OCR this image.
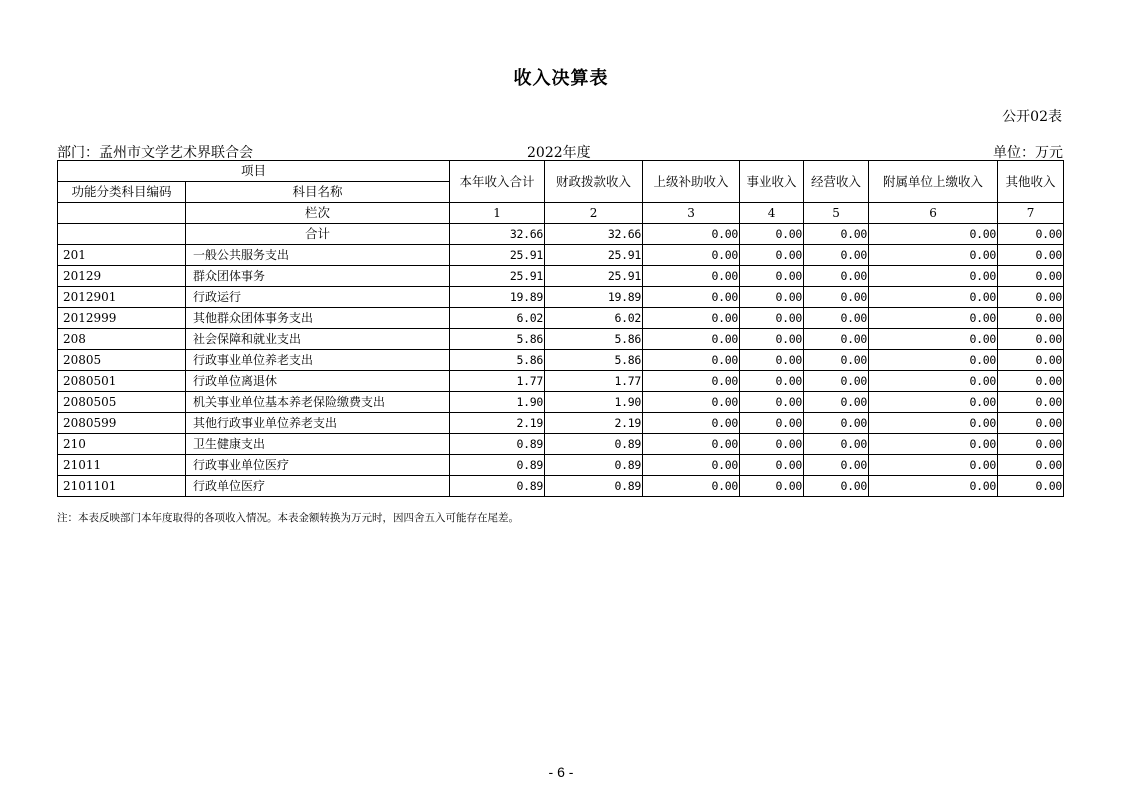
收入决算表
公开02表
部门：孟州市文学艺术界联合会	2022年度	单位：万元
项目		本年收入合计	财政拨款收入	上级补助收入	事业收入	经营收入	附属单位上缴收入	其他收入
功能分类科目编码	科目名称							
	栏次	1	2	3	4	5	6	7
	合计	32.66	32.66	0.00	0.00	0.00	0.00	0.00
201	一般公共服务支出	25.91	25.91	0.00	0.00	0.00	0.00	0.00
20129	群众团体事务	25.91	25.91	0.00	0.00	0.00	0.00	0.00
2012901	行政运行	19.89	19.89	0.00	0.00	0.00	0.00	0.00
2012999	其他群众团体事务支出	6.02	6.02	0.00	0.00	0.00	0.00	0.00
208	社会保障和就业支出	5.86	5.86	0.00	0.00	0.00	0.00	0.00
20805	行政事业单位养老支出	5.86	5.86	0.00	0.00	0.00	0.00	0.00
2080501	行政单位离退休	1.77	1.77	0.00	0.00	0.00	0.00	0.00
2080505	机关事业单位基本养老保险缴费支出	1.90	1.90	0.00	0.00	0.00	0.00	0.00
2080599	其他行政事业单位养老支出	2.19	2.19	0.00	0.00	0.00	0.00	0.00
210	卫生健康支出	0.89	0.89	0.00	0.00	0.00	0.00	0.00
21011	行政事业单位医疗	0.89	0.89	0.00	0.00	0.00	0.00	0.00
2101101	行政单位医疗	0.89	0.89	0.00	0.00	0.00	0.00	0.00
注：本表反映部门本年度取得的各项收入情况。本表金额转换为万元时，因四舍五入可能存在尾差。
- 6 -
